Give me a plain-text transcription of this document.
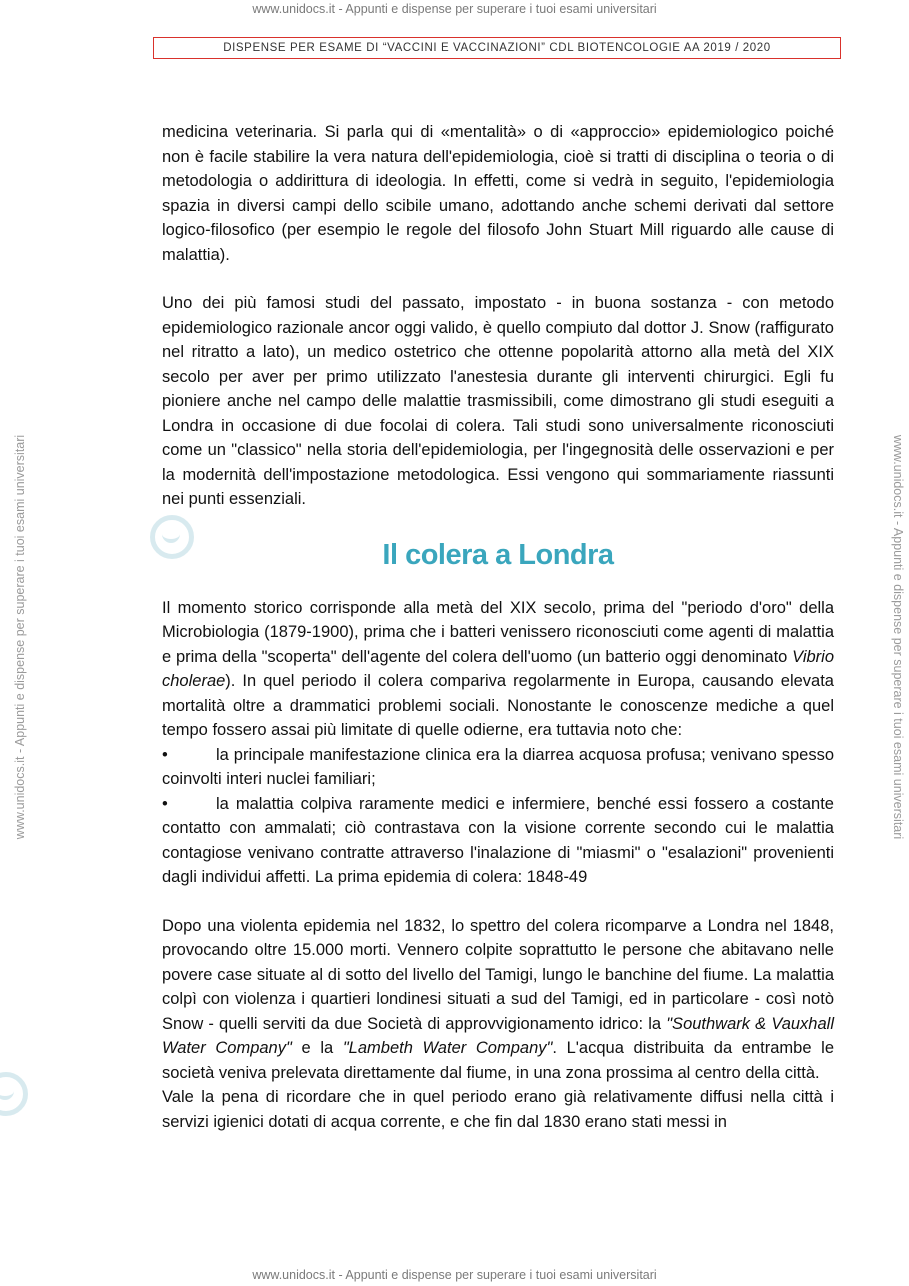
www.unidocs.it - Appunti e dispense per superare i tuoi esami universitari
www.unidocs.it - Appunti e dispense per superare i tuoi esami universitari	www.unidocs.it - Appunti e dispense per superare i tuoi esami universitari
DISPENSE PER ESAME DI “VACCINI E VACCINAZIONI” CDL BIOTENCOLOGIE AA 2019 / 2020

medicina veterinaria. Si parla qui di «mentalità» o di «approccio» epidemiologico poiché non è facile stabilire la vera natura dell'epidemiologia, cioè si tratti di disciplina o teoria o di metodologia o addirittura di ideologia. In effetti, come si vedrà in seguito, l'epidemiologia spazia in diversi campi dello scibile umano, adottando anche schemi derivati dal settore logico-filosofico (per esempio le regole del filosofo John Stuart Mill riguardo alle cause di malattia).

Uno dei più famosi studi del passato, impostato - in buona sostanza - con metodo epidemiologico razionale ancor oggi valido, è quello compiuto dal dottor J. Snow (raffigurato nel ritratto a lato), un medico ostetrico che ottenne popolarità attorno alla metà del XIX secolo per aver per primo utilizzato l'anestesia durante gli interventi chirurgici. Egli fu pioniere anche nel campo delle malattie trasmissibili, come dimostrano gli studi eseguiti a Londra in occasione di due focolai di colera. Tali studi sono universalmente riconosciuti come un "classico" nella storia dell'epidemiologia, per l'ingegnosità delle osservazioni e per la modernità dell'impostazione metodologica. Essi vengono qui sommariamente riassunti nei punti essenziali.

Il colera a Londra

Il momento storico corrisponde alla metà del XIX secolo, prima del "periodo d'oro" della Microbiologia (1879-1900), prima che i batteri venissero riconosciuti come agenti di malattia e prima della "scoperta" dell'agente del colera dell'uomo (un batterio oggi denominato Vibrio cholerae). In quel periodo il colera compariva regolarmente in Europa, causando elevata mortalità oltre a drammatici problemi sociali. Nonostante le conoscenze mediche a quel tempo fossero assai più limitate di quelle odierne, era tuttavia noto che:

•	la principale manifestazione clinica era la diarrea acquosa profusa; venivano spesso coinvolti interi nuclei familiari;

•	la malattia colpiva raramente medici e infermiere, benché essi fossero a costante contatto con ammalati; ciò contrastava con la visione corrente secondo cui le malattia contagiose venivano contratte attraverso l'inalazione di "miasmi" o "esalazioni" provenienti dagli individui affetti. La prima epidemia di colera: 1848-49

Dopo una violenta epidemia nel 1832, lo spettro del colera ricomparve a Londra nel 1848, provocando oltre 15.000 morti. Vennero colpite soprattutto le persone che abitavano nelle povere case situate al di sotto del livello del Tamigi, lungo le banchine del fiume. La malattia colpì con violenza i quartieri londinesi situati a sud del Tamigi, ed in particolare - così notò Snow - quelli serviti da due Società di approvvigionamento idrico: la "Southwark & Vauxhall Water Company" e la "Lambeth Water Company". L'acqua distribuita da entrambe le società veniva prelevata direttamente dal fiume, in una zona prossima al centro della città.

Vale la pena di ricordare che in quel periodo erano già relativamente diffusi nella città i servizi igienici dotati di acqua corrente, e che fin dal 1830 erano stati messi in

www.unidocs.it - Appunti e dispense per superare i tuoi esami universitari
